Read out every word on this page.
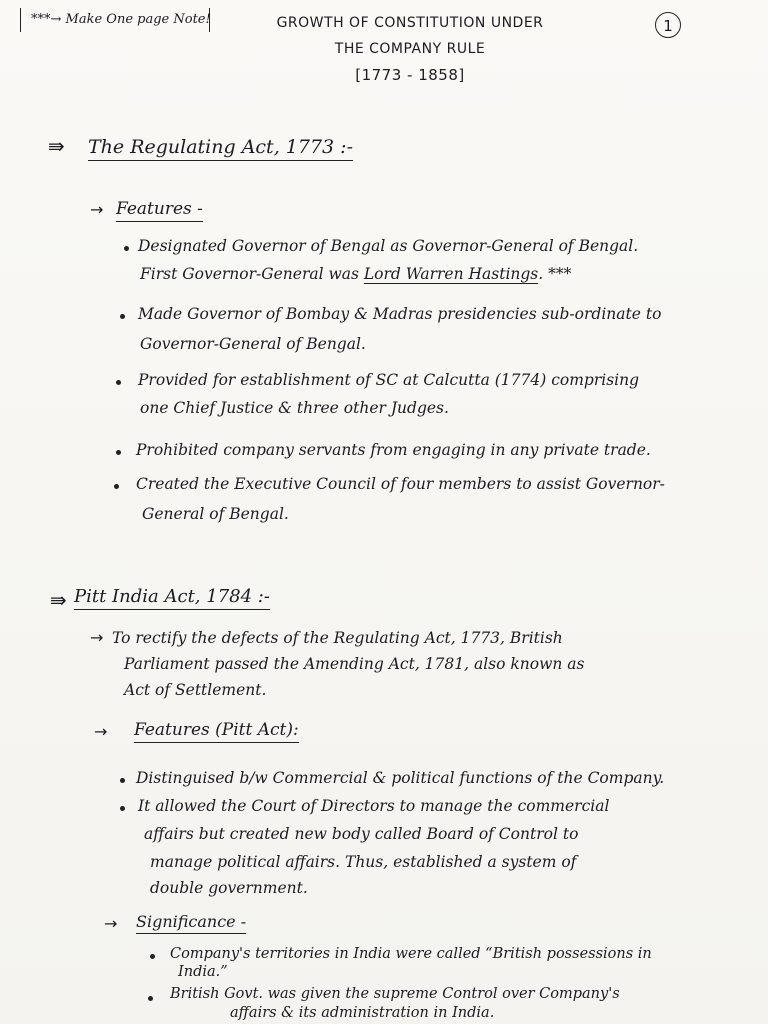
***→ Make One page Note!	GROWTH OF CONSTITUTION UNDER
THE COMPANY RULE
[1773 - 1858]
1
⇛ The Regulating Act, 1773 :-
→ Features -
Designated Governor of Bengal as Governor-General of Bengal.
First Governor-General was Lord Warren Hastings. ***
Made Governor of Bombay & Madras presidencies sub-ordinate to
Governor-General of Bengal.
Provided for establishment of SC at Calcutta (1774) comprising
one Chief Justice & three other Judges.
Prohibited company servants from engaging in any private trade.
Created the Executive Council of four members to assist Governor-
General of Bengal.
⇛ Pitt India Act, 1784 :-
→ To rectify the defects of the Regulating Act, 1773, British
Parliament passed the Amending Act, 1781, also known as
Act of Settlement.
→ Features (Pitt Act):
Distinguised b/w Commercial & political functions of the Company.
It allowed the Court of Directors to manage the commercial
affairs but created new body called Board of Control to
manage political affairs. Thus, established a system of
double government.
→ Significance -
Company's territories in India were called “British possessions in
India.”
British Govt. was given the supreme Control over Company's
affairs & its administration in India.
